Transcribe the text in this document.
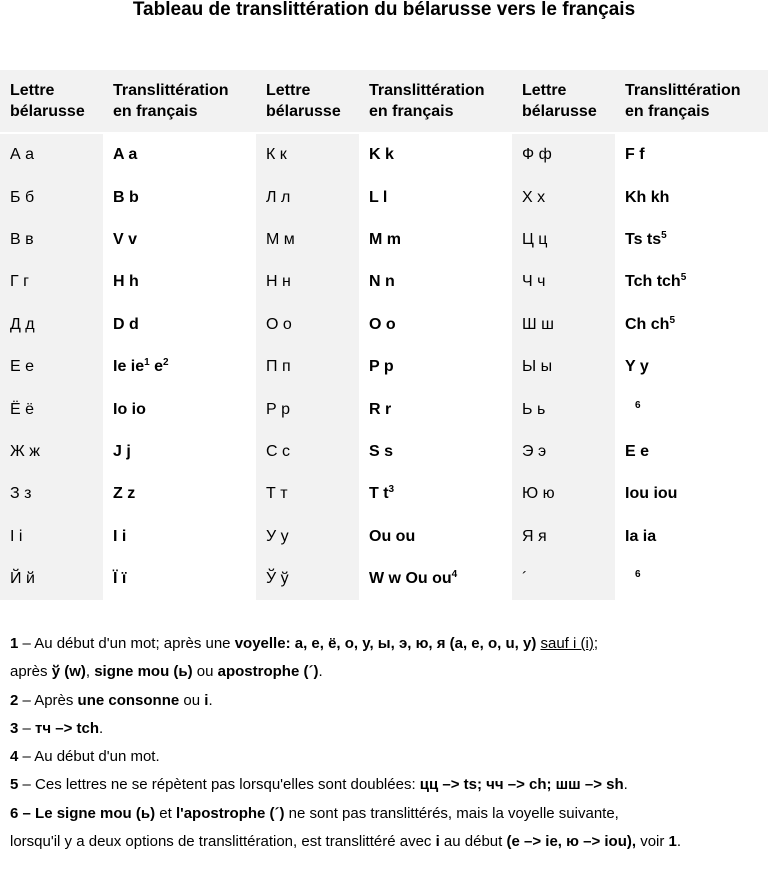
Tableau de translittération du bélarusse vers le français
Lettre
bélarusse	Translittération
en français	Lettre
bélarusse	Translittération
en français	Lettre
bélarusse	Translittération
en français
А а	A a	К к	K k	Ф ф	F f
Б б	B b	Л л	L l	Х х	Kh kh
В в	V v	М м	M m	Ц ц	Ts $ts^5$
Г г	H h	Н н	N n	Ч ч	Tch tch$^5$
Д д	D d	О о	O o	Ш ш	Ch $ch^5$
Е е	Ie $ie^1$ $e^2$	П п	P p	Ы ы	Y y
Ё ё	Io io	Р р	R r	Ь ь	$^6$
Ж ж	J j	С с	S s	Э э	E e
З з	Z z	Т т	T $t^3$	Ю ю	Iou iou
І і	I i	У у	Ou ou	Я я	Ia ia
Й й	Ï ï	Ў ў	W w Ou $ou^4$	´	$^6$
1 – Au début d'un mot; après une voyelle: а, е, ё, о, у, ы, э, ю, я (a, e, o, u, y) sauf і (i);
après ў (w), signe mou (ь) ou apostrophe (´).
2 – Après une consonne ou і.
3 – тч –> tch.
4 – Au début d'un mot.
5 – Ces lettres ne se répètent pas lorsqu'elles sont doublées: цц –> ts; чч –> ch; шш –> sh.
6 – Le signe mou (ь) et l'apostrophe (´) ne sont pas translittérés, mais la voyelle suivante,
lorsqu'il y a deux options de translittération, est translittéré avec i au début (е –> ie, ю –> iou), voir 1.
